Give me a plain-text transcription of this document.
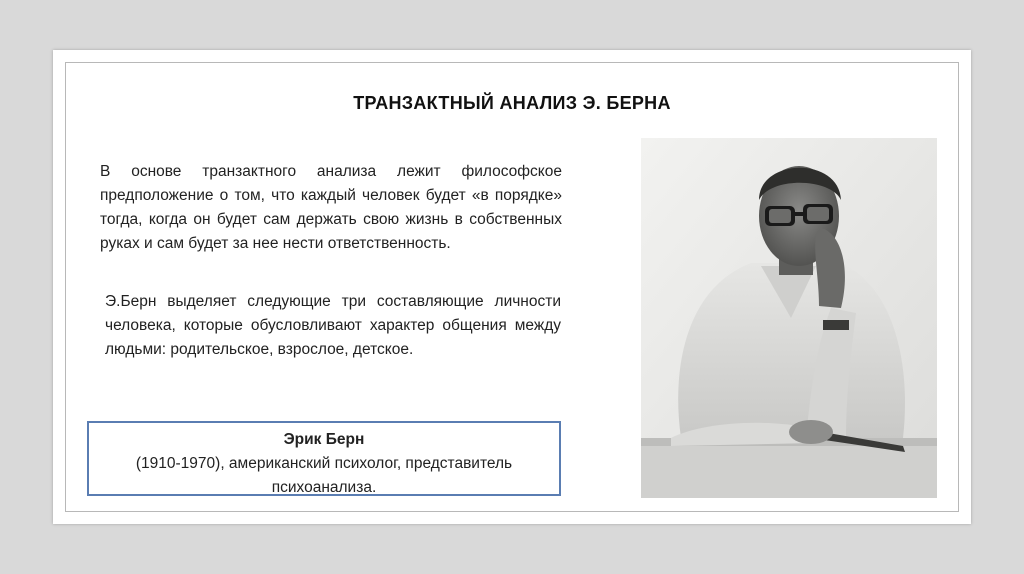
ТРАНЗАКТНЫЙ АНАЛИЗ Э. БЕРНА

В основе транзактного анализа лежит философское предположение о том, что каждый человек будет «в порядке» тогда, когда он будет сам держать свою жизнь в собственных руках и сам будет за нее нести ответственность.

Э.Берн выделяет следующие три составляющие личности человека, которые обусловливают характер общения между людьми: родительское, взрослое, детское.

Эрик Берн
(1910-1970), американский психолог, представитель психоанализа.
